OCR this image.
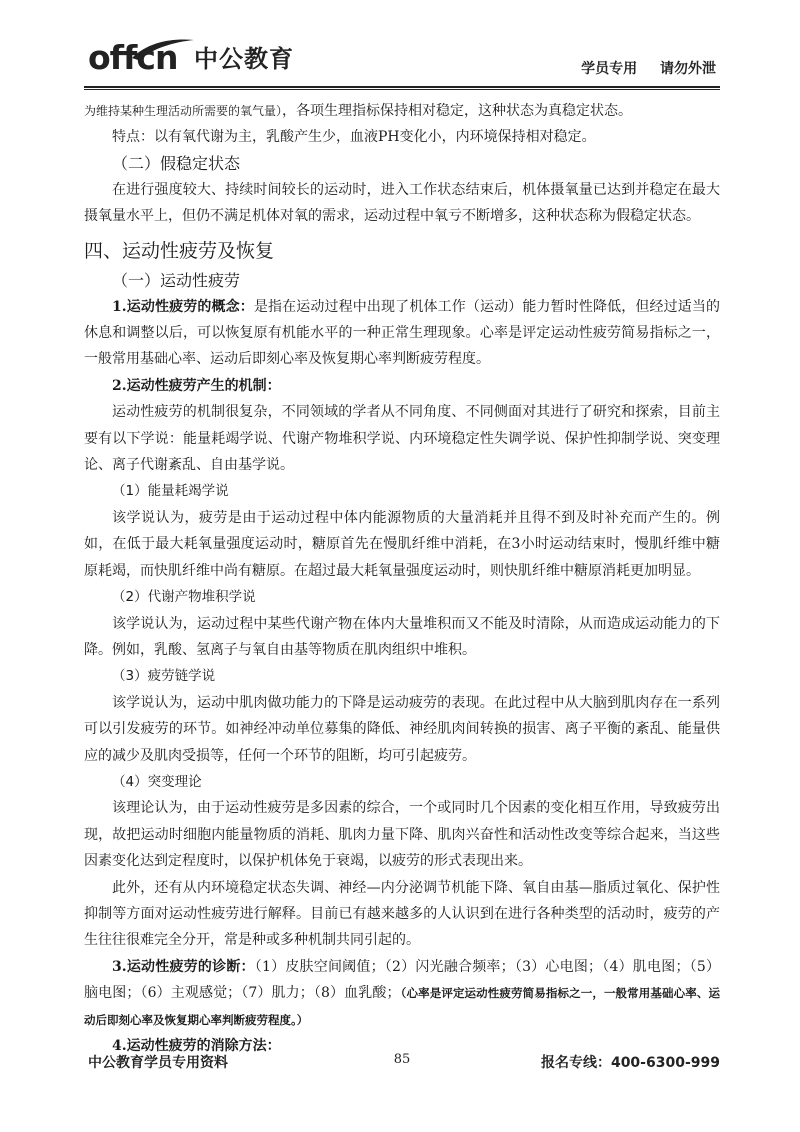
offcn 中公教育	学员专用 请勿外泄

为维持某种生理活动所需要的氧气量），各项生理指标保持相对稳定，这种状态为真稳定状态。

特点：以有氧代谢为主，乳酸产生少，血液PH变化小，内环境保持相对稳定。

（二）假稳定状态

在进行强度较大、持续时间较长的运动时，进入工作状态结束后，机体摄氧量已达到并稳定在最大摄氧量水平上，但仍不满足机体对氧的需求，运动过程中氧亏不断增多，这种状态称为假稳定状态。

四、运动性疲劳及恢复
（一）运动性疲劳

1.运动性疲劳的概念：是指在运动过程中出现了机体工作（运动）能力暂时性降低，但经过适当的休息和调整以后，可以恢复原有机能水平的一种正常生理现象。心率是评定运动性疲劳简易指标之一，一般常用基础心率、运动后即刻心率及恢复期心率判断疲劳程度。

2.运动性疲劳产生的机制：

运动性疲劳的机制很复杂，不同领域的学者从不同角度、不同侧面对其进行了研究和探索，目前主要有以下学说：能量耗竭学说、代谢产物堆积学说、内环境稳定性失调学说、保护性抑制学说、突变理论、离子代谢紊乱、自由基学说。

（1）能量耗竭学说

该学说认为，疲劳是由于运动过程中体内能源物质的大量消耗并且得不到及时补充而产生的。例如，在低于最大耗氧量强度运动时，糖原首先在慢肌纤维中消耗，在3小时运动结束时，慢肌纤维中糖原耗竭，而快肌纤维中尚有糖原。在超过最大耗氧量强度运动时，则快肌纤维中糖原消耗更加明显。

（2）代谢产物堆积学说

该学说认为，运动过程中某些代谢产物在体内大量堆积而又不能及时清除，从而造成运动能力的下降。例如，乳酸、氢离子与氧自由基等物质在肌肉组织中堆积。

（3）疲劳链学说

该学说认为，运动中肌肉做功能力的下降是运动疲劳的表现。在此过程中从大脑到肌肉存在一系列可以引发疲劳的环节。如神经冲动单位募集的降低、神经肌肉间转换的损害、离子平衡的紊乱、能量供应的减少及肌肉受损等，任何一个环节的阻断，均可引起疲劳。

（4）突变理论

该理论认为，由于运动性疲劳是多因素的综合，一个或同时几个因素的变化相互作用，导致疲劳出现，故把运动时细胞内能量物质的消耗、肌肉力量下降、肌肉兴奋性和活动性改变等综合起来，当这些因素变化达到定程度时，以保护机体免于衰竭，以疲劳的形式表现出来。

此外，还有从内环境稳定状态失调、神经—内分泌调节机能下降、氧自由基—脂质过氧化、保护性抑制等方面对运动性疲劳进行解释。目前已有越来越多的人认识到在进行各种类型的活动时，疲劳的产生往往很难完全分开，常是种或多种机制共同引起的。

3.运动性疲劳的诊断：（1）皮肤空间阈值；（2）闪光融合频率；（3）心电图；（4）肌电图；（5）脑电图；（6）主观感觉；（7）肌力；（8）血乳酸；（心率是评定运动性疲劳简易指标之一，一般常用基础心率、运动后即刻心率及恢复期心率判断疲劳程度。）

4.运动性疲劳的消除方法：

中公教育学员专用资料	85	报名专线：400-6300-999
